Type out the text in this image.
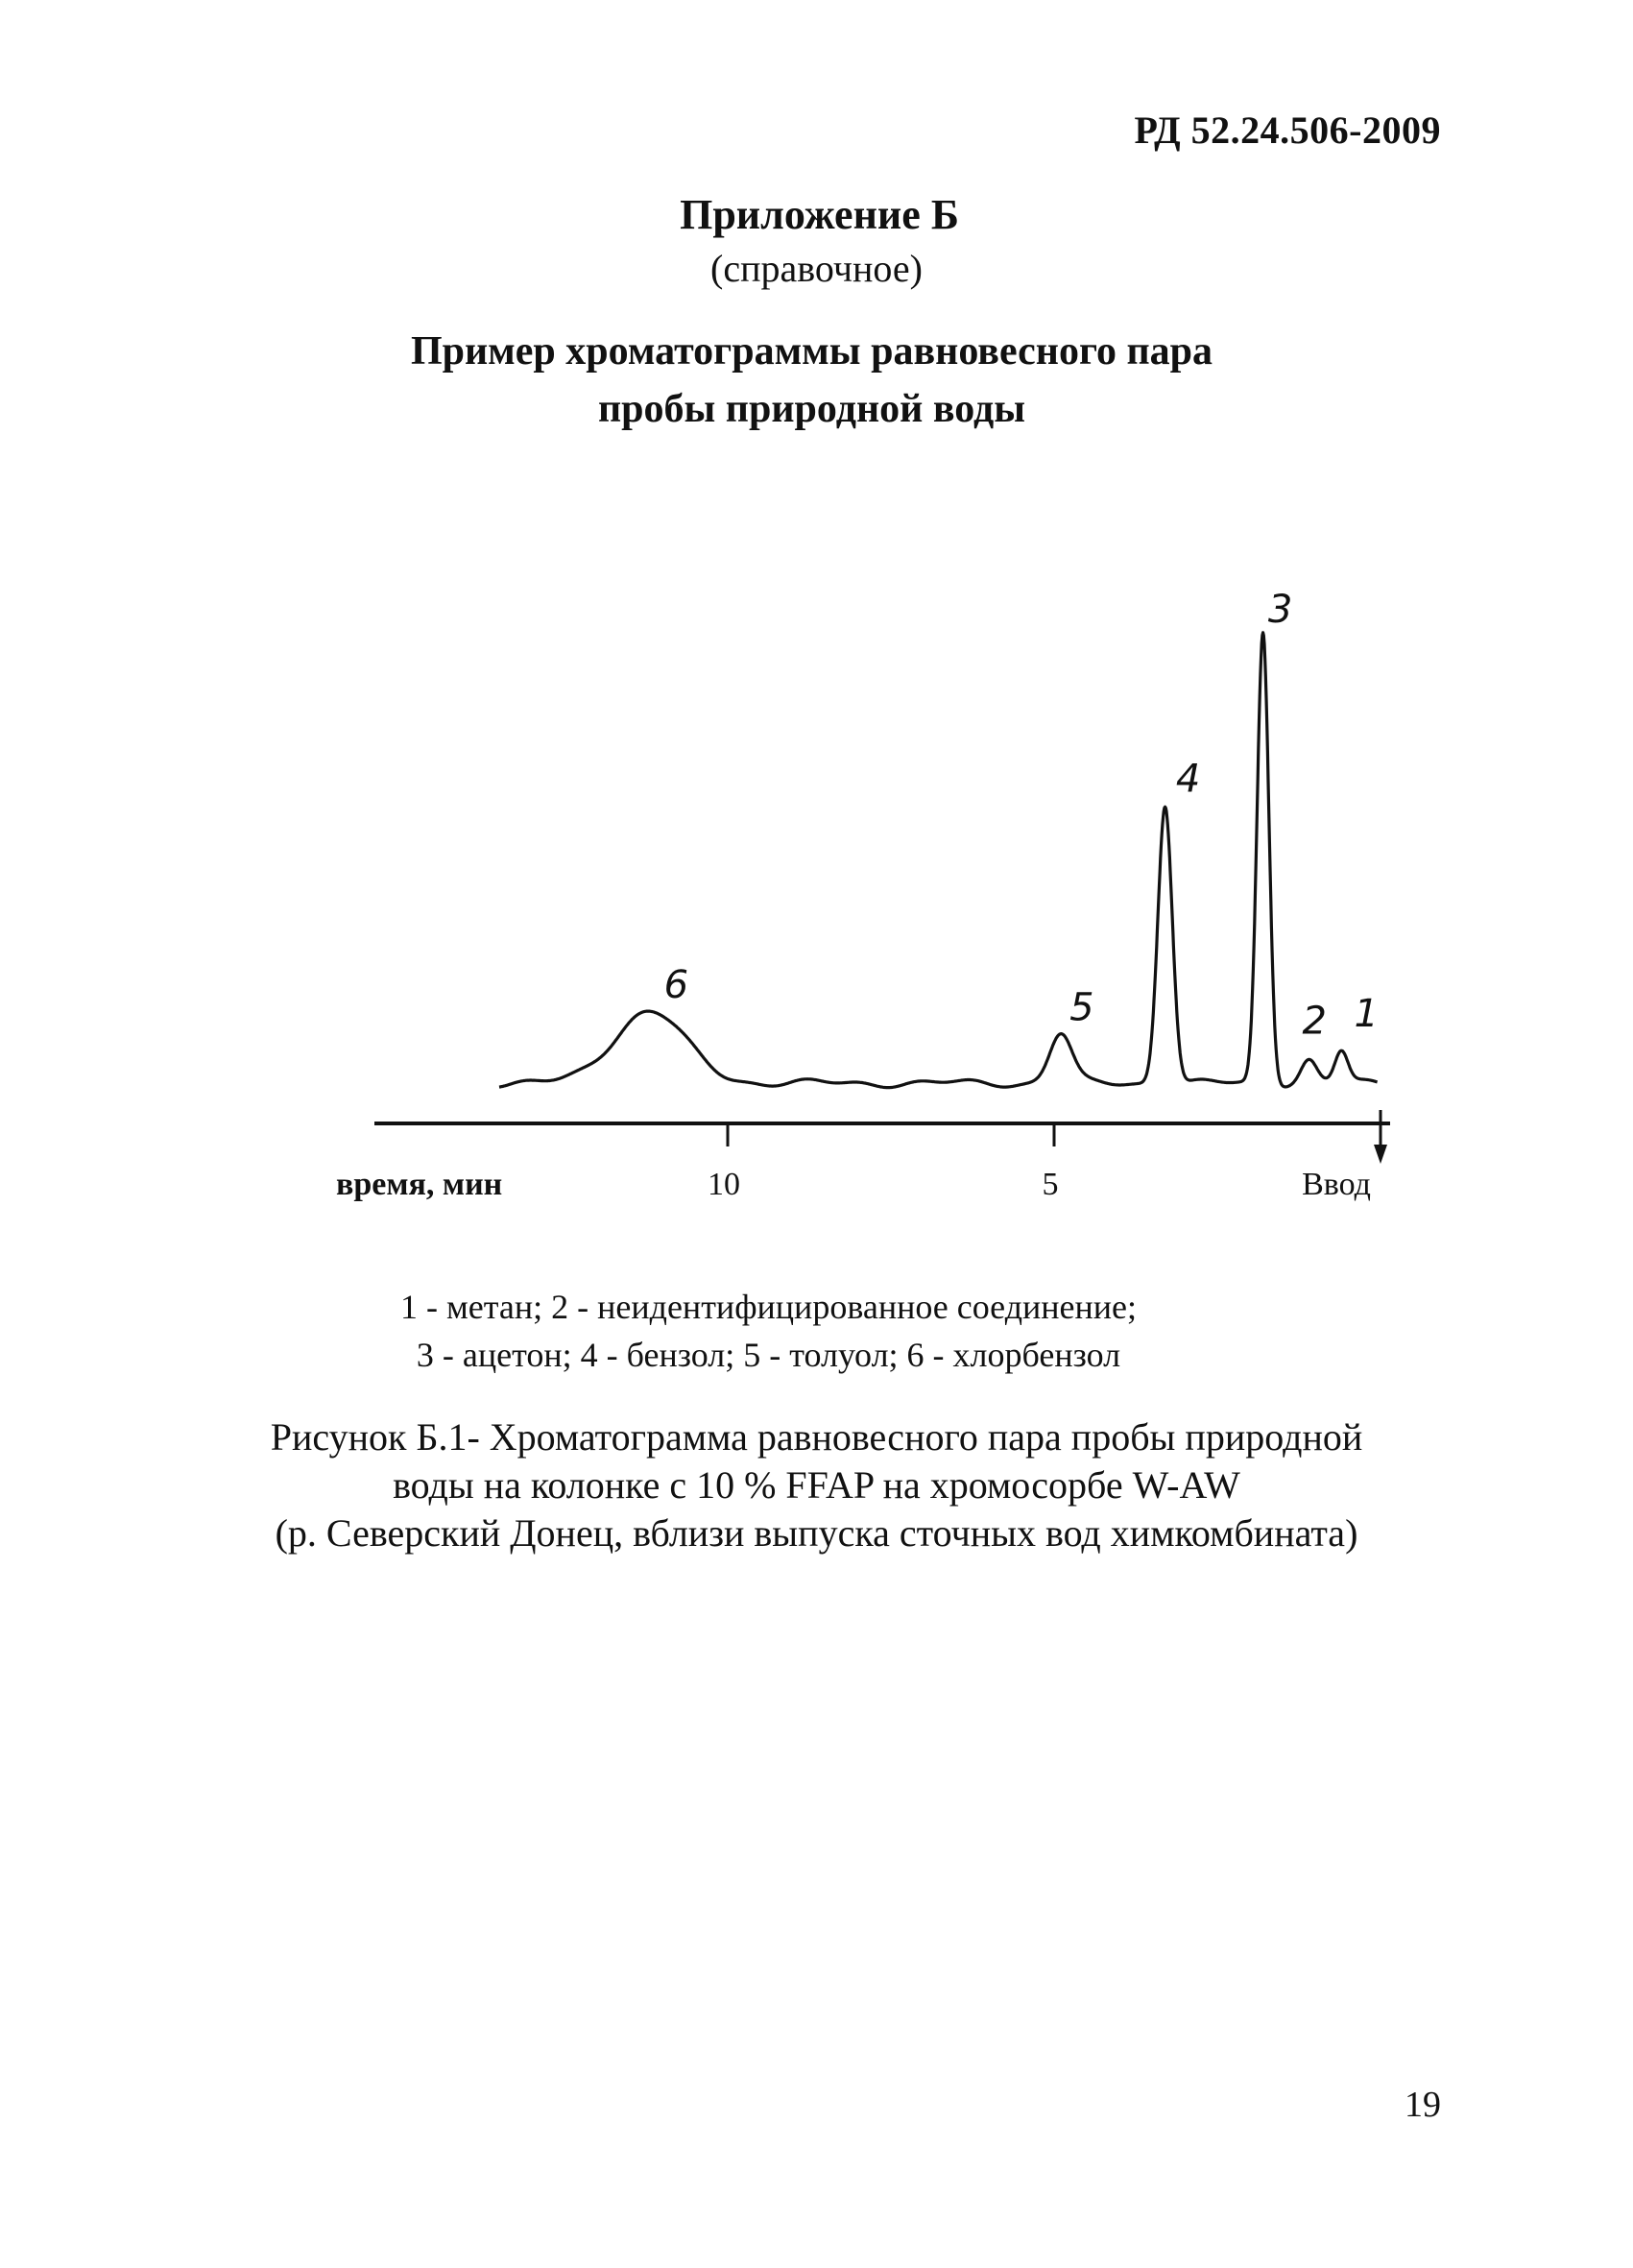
РД 52.24.506-2009
Приложение Б
(справочное)
Пример хроматограммы равновесного пара
пробы природной воды
1
2
3
4
5
6
10	5	Ввод
время, мин
1 - метан; 2 - неидентифицированное соединение;
3 - ацетон; 4 - бензол; 5 - толуол; 6 - хлорбензол
Рисунок Б.1- Хроматограмма равновесного пара пробы природной
воды на колонке с 10 % FFAP на хромосорбе W-AW
(р. Северский Донец, вблизи выпуска сточных вод химкомбината)
19
